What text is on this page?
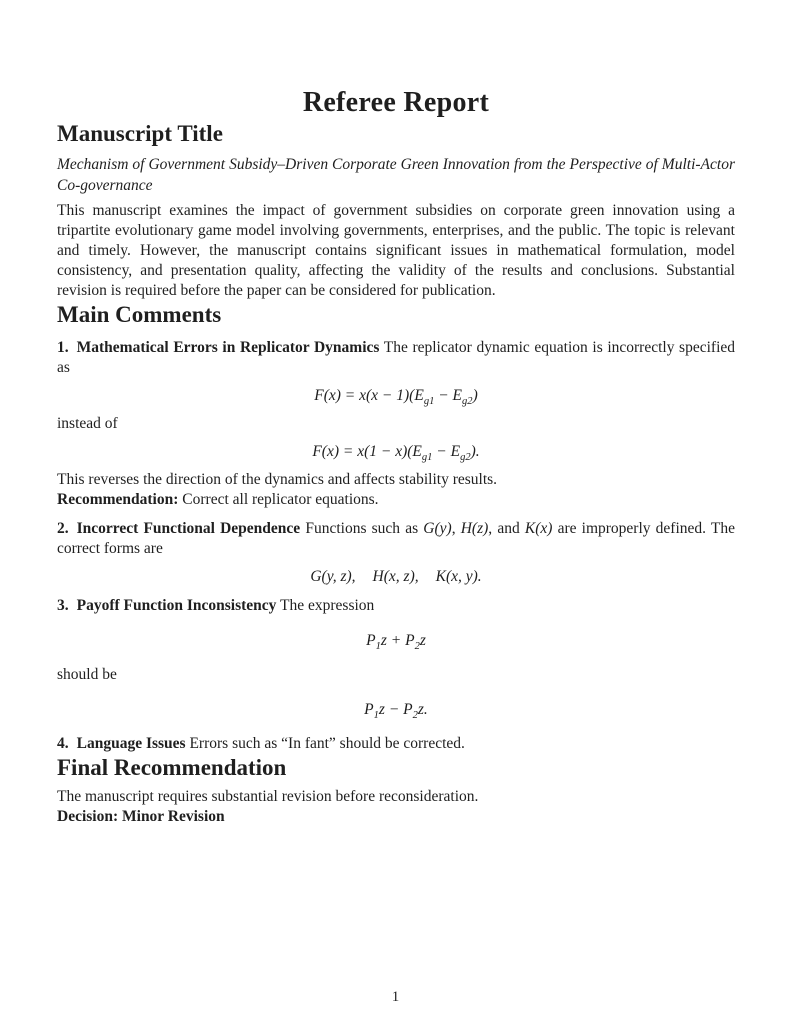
Referee Report
Manuscript Title

Mechanism of Government Subsidy–Driven Corporate Green Innovation from the Perspective of Multi-Actor Co-governance

This manuscript examines the impact of government subsidies on corporate green innovation using a tripartite evolutionary game model involving governments, enterprises, and the public. The topic is relevant and timely. However, the manuscript contains significant issues in mathematical formulation, model consistency, and presentation quality, affecting the validity of the results and conclusions. Substantial revision is required before the paper can be considered for publication.

Main Comments

1. Mathematical Errors in Replicator Dynamics The replicator dynamic equation is incorrectly specified as

$F(x) = x(x - 1)(E_{g1} - E_{g2})$

instead of

$F(x) = x(1 - x)(E_{g1} - E_{g2})$.

This reverses the direction of the dynamics and affects stability results.

Recommendation: Correct all replicator equations.

2. Incorrect Functional Dependence Functions such as G(y), H(z), and K(x) are improperly defined. The correct forms are

G(y, z), H(x, z), K(x, y).

3. Payoff Function Inconsistency The expression

$P_1z + P_2z$

should be

$P_1z - P_2z$.

4. Language Issues Errors such as “In fant” should be corrected.

Final Recommendation

The manuscript requires substantial revision before reconsideration.

Decision: Minor Revision

1
